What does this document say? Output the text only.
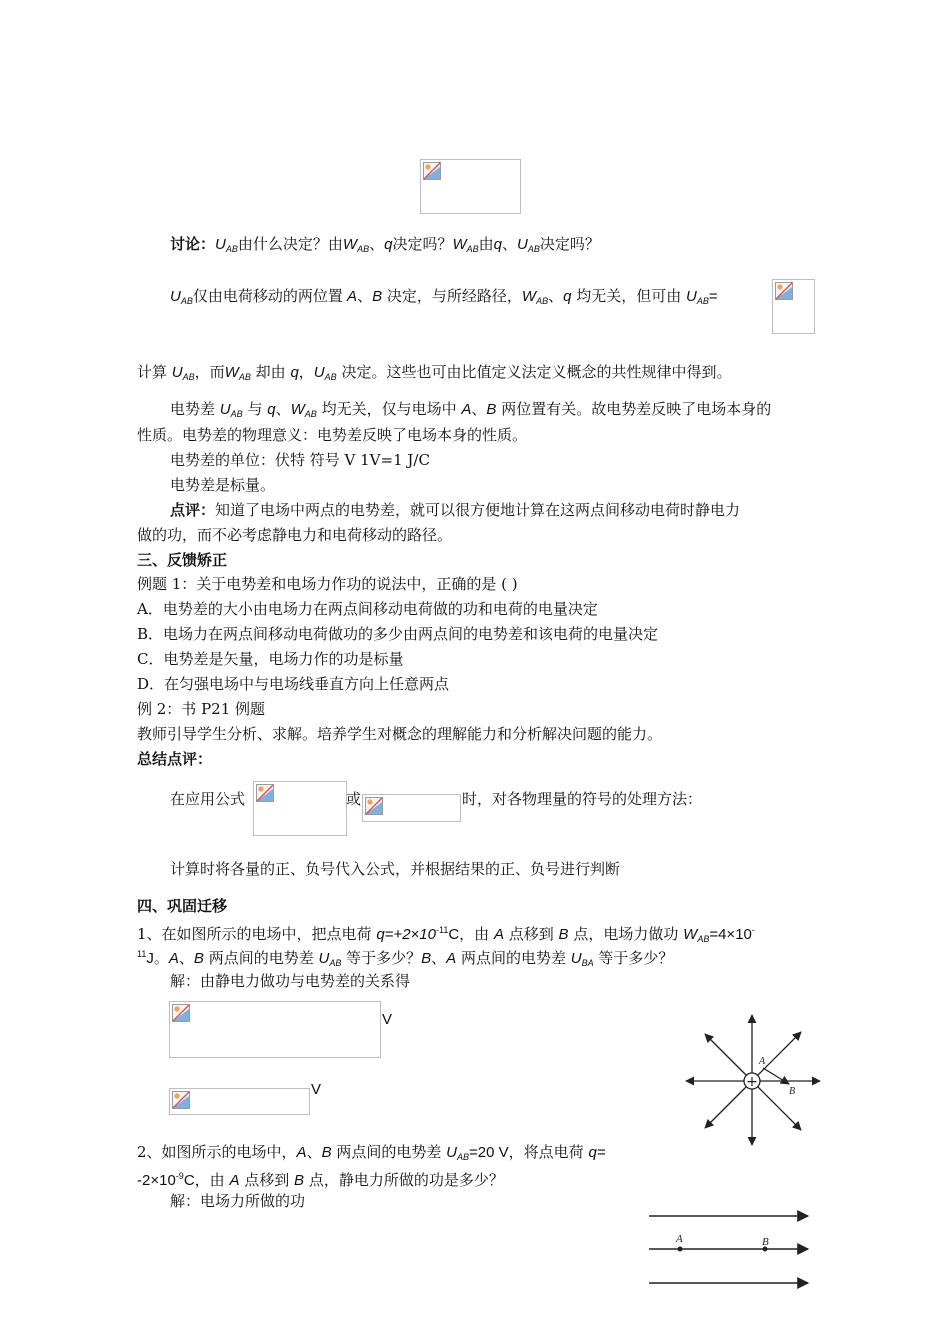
讨论：$U_{AB}$由什么决定？由$W_{AB}$、q决定吗？$W_{AB}$由q、$U_{AB}$决定吗？
$U_{AB}$仅由电荷移动的两位置 A、B 决定，与所经路径，$W_{AB}$、q 均无关，但可由 $U_{AB}=$
计算 $U_{AB}$，而$W_{AB}$ 却由 q，$U_{AB}$ 决定。这些也可由比值定义法定义概念的共性规律中得到。
电势差 $U_{AB}$ 与 q、$W_{AB}$ 均无关，仅与电场中 A、B 两位置有关。故电势差反映了电场本身的
性质。电势差的物理意义：电势差反映了电场本身的性质。
电势差的单位：伏特 符号 V 1V=1 J/C
电势差是标量。
点评：知道了电场中两点的电势差，就可以很方便地计算在这两点间移动电荷时静电力
做的功，而不必考虑静电力和电荷移动的路径。
三、反馈矫正
例题 1：关于电势差和电场力作功的说法中，正确的是 ( )
A．电势差的大小由电场力在两点间移动电荷做的功和电荷的电量决定
B．电场力在两点间移动电荷做功的多少由两点间的电势差和该电荷的电量决定
C．电势差是矢量，电场力作的功是标量
D．在匀强电场中与电场线垂直方向上任意两点
例 2：书 P21 例题
教师引导学生分析、求解。培养学生对概念的理解能力和分析解决问题的能力。
总结点评：
在应用公式	或	时，对各物理量的符号的处理方法：
计算时将各量的正、负号代入公式，并根据结果的正、负号进行判断
四、巩固迁移
1、在如图所示的电场中，把点电荷 $q=+2\times 10^{-11}C$，由 A 点移到 B 点，电场力做功 $W_{AB}=4\times 10^-$
$^{11}$J。A、B 两点间的电势差 $U_{AB}$ 等于多少？B、A 两点间的电势差 $U_{BA}$ 等于多少？
解：由静电力做功与电势差的关系得
V
V	+
A
B
2、如图所示的电场中，A、B 两点间的电势差 $U_{AB}=20$ V，将点电荷 q=
$-2\times 10^{-9}C$，由 A 点移到 B 点，静电力所做的功是多少？
解：电场力所做的功
A	B
